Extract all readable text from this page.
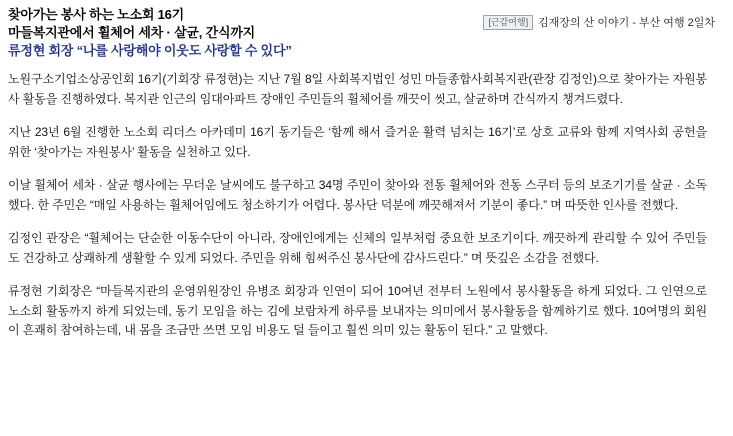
찾아가는 봉사 하는 노소회 16기
마들복지관에서 휠체어 세차 · 살균, 간식까지
류정현 회장 “나를 사랑해야 이웃도 사랑할 수 있다”
[근감여행] 김재장의 산 이야기 - 부산 여행 2일차

노원구소기업소상공인회 16기(기회장 류정현)는 지난 7월 8일 사회복지법인 성민 마들종합사회복지관(관장 김정인)으로 찾아가는 자원봉사 활동을 진행하였다. 복지관 인근의 임대아파트 장애인 주민들의 휠체어를 깨끗이 씻고, 살균하며 간식까지 챙겨드렸다.

지난 23년 6월 진행한 노소회 리더스 아카데미 16기 동기들은 ‘함께 해서 즐거운 활력 넘치는 16기’로 상호 교류와 함께 지역사회 공헌을 위한 ‘찾아가는 자원봉사’ 활동을 실천하고 있다.

이날 휠체어 세차 · 살균 행사에는 무더운 날씨에도 불구하고 34명 주민이 찾아와 전동 휠체어와 전동 스쿠터 등의 보조기기를 살균 · 소독했다. 한 주민은 “매일 사용하는 휠체어임에도 청소하기가 어렵다. 봉사단 덕분에 깨끗해져서 기분이 좋다.” 며 따뜻한 인사를 전했다.

김정인 관장은 “휠체어는 단순한 이동수단이 아니라, 장애인에게는 신체의 일부처럼 중요한 보조기이다. 깨끗하게 관리할 수 있어 주민들도 건강하고 상쾌하게 생활할 수 있게 되었다. 주민을 위해 힘써주신 봉사단에 감사드린다.” 며 뜻깊은 소감을 전했다.

류정현 기회장은 “마들복지관의 운영위원장인 유병조 회장과 인연이 되어 10여년 전부터 노원에서 봉사활동을 하게 되었다. 그 인연으로 노소회 활동까지 하게 되었는데, 동기 모임을 하는 김에 보람차게 하루를 보내자는 의미에서 봉사활동을 함께하기로 했다. 10여명의 회원이 흔쾌히 참여하는데, 내 몸을 조금만 쓰면 모임 비용도 덜 들이고 훨씬 의미 있는 활동이 된다.” 고 말했다.
